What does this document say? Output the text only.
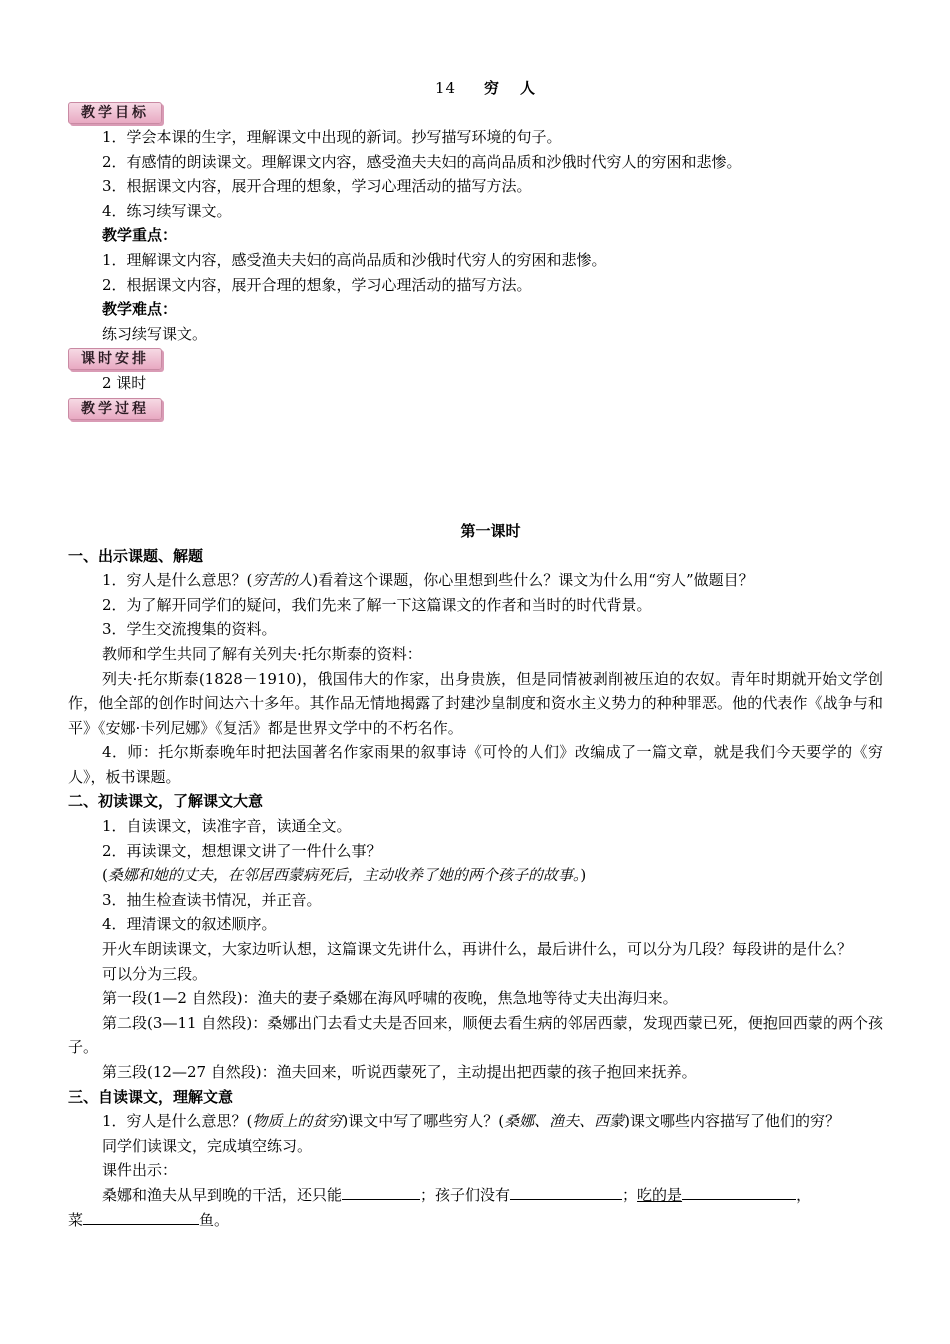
14 穷 人
教学目标
1．学会本课的生字，理解课文中出现的新词。抄写描写环境的句子。
2．有感情的朗读课文。理解课文内容，感受渔夫夫妇的高尚品质和沙俄时代穷人的穷困和悲惨。
3．根据课文内容，展开合理的想象，学习心理活动的描写方法。
4．练习续写课文。
教学重点：
1．理解课文内容，感受渔夫夫妇的高尚品质和沙俄时代穷人的穷困和悲惨。
2．根据课文内容，展开合理的想象，学习心理活动的描写方法。
教学难点：
练习续写课文。
课时安排
2 课时
教学过程
第一课时
一、出示课题、解题
1．穷人是什么意思？(穷苦的人)看着这个课题，你心里想到些什么？课文为什么用“穷人”做题目？
2．为了解开同学们的疑问，我们先来了解一下这篇课文的作者和当时的时代背景。
3．学生交流搜集的资料。
教师和学生共同了解有关列夫·托尔斯泰的资料：
列夫·托尔斯泰(1828－1910)，俄国伟大的作家，出身贵族，但是同情被剥削被压迫的农奴。青年时期就开始文学创作，他全部的创作时间达六十多年。其作品无情地揭露了封建沙皇制度和资水主义势力的种种罪恶。他的代表作《战争与和平》《安娜·卡列尼娜》《复活》都是世界文学中的不朽名作。
4．师：托尔斯泰晚年时把法国著名作家雨果的叙事诗《可怜的人们》改编成了一篇文章，就是我们今天要学的《穷人》，板书课题。
二、初读课文，了解课文大意
1．自读课文，读准字音，读通全文。
2．再读课文，想想课文讲了一件什么事？
(桑娜和她的丈夫，在邻居西蒙病死后，主动收养了她的两个孩子的故事。)
3．抽生检查读书情况，并正音。
4．理清课文的叙述顺序。
开火车朗读课文，大家边听认想，这篇课文先讲什么，再讲什么，最后讲什么，可以分为几段？每段讲的是什么？
可以分为三段。
第一段(1—2 自然段)：渔夫的妻子桑娜在海风呼啸的夜晚，焦急地等待丈夫出海归来。
第二段(3—11 自然段)：桑娜出门去看丈夫是否回来，顺便去看生病的邻居西蒙，发现西蒙已死，便抱回西蒙的两个孩子。
第三段(12—27 自然段)：渔夫回来，听说西蒙死了，主动提出把西蒙的孩子抱回来抚养。
三、自读课文，理解文意
1．穷人是什么意思？(物质上的贫穷)课文中写了哪些穷人？(桑娜、渔夫、西蒙)课文哪些内容描写了他们的穷？
同学们读课文，完成填空练习。
课件出示：
桑娜和渔夫从早到晚的干活，还只能	；孩子们没有	；吃的是	，
菜	鱼。
